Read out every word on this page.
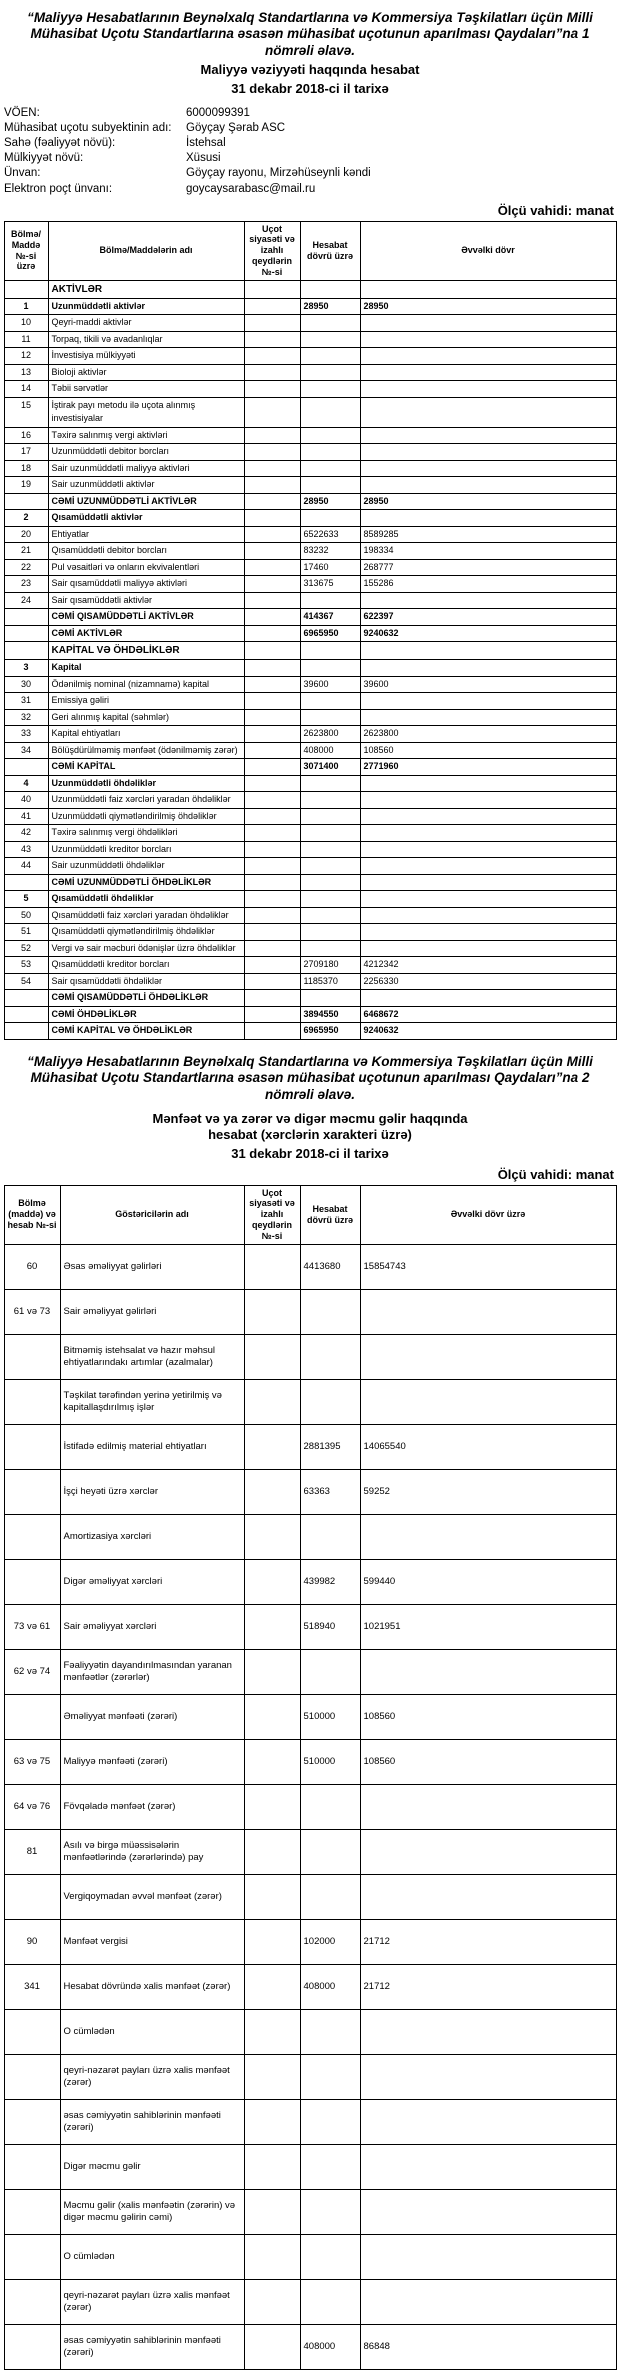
“Maliyyə Hesabatlarının Beynəlxalq Standartlarına və Kommersiya Təşkilatları üçün Milli Mühasibat Uçotu Standartlarına əsasən mühasibat uçotunun aparılması Qaydaları”na 1 nömrəli əlavə.

Maliyyə vəziyyəti haqqında hesabat

31 dekabr 2018-ci il tarixə

VÖEN:	6000099391
Mühasibat uçotu subyektinin adı:	Göyçay Şərab ASC
Sahə (fəaliyyət növü):	İstehsal
Mülkiyyət növü:	Xüsusi
Ünvan:	Göyçay rayonu, Mirzəhüseynli kəndi
Elektron poçt ünvanı:	goycaysarabasc@mail.ru

Ölçü vahidi: manat

Bölmə/ Maddə №-si üzrə	Bölmə/Maddələrin adı	Uçot siyasəti və izahlı qeydlərin №-si	Hesabat dövrü üzrə	Əvvəlki dövr
	AKTİVLƏR			
1	Uzunmüddətli aktivlər		28950	28950
10	Qeyri-maddi aktivlər			
11	Torpaq, tikili və avadanlıqlar			
12	İnvestisiya mülkiyyəti			
13	Bioloji aktivlər			
14	Təbii sərvətlər			
15	İştirak payı metodu ilə uçota alınmış investisiyalar			
16	Təxirə salınmış vergi aktivləri			
17	Uzunmüddətli debitor borcları			
18	Sair uzunmüddətli maliyyə aktivləri			
19	Sair uzunmüddətli aktivlər			
	CƏMİ UZUNMÜDDƏTLİ AKTİVLƏR		28950	28950
2	Qısamüddətli aktivlər			
20	Ehtiyatlar		6522633	8589285
21	Qısamüddətli debitor borcları		83232	198334
22	Pul vəsaitləri və onların ekvivalentləri		17460	268777
23	Sair qısamüddətli maliyyə aktivləri		313675	155286
24	Sair qısamüddətli aktivlər			
	CƏMİ QISAMÜDDƏTLİ AKTİVLƏR		414367	622397
	CƏMİ AKTİVLƏR		6965950	9240632
	KAPİTAL VƏ ÖHDƏLİKLƏR			
3	Kapital			
30	Ödənilmiş nominal (nizamnamə) kapital		39600	39600
31	Emissiya gəliri			
32	Geri alınmış kapital (səhmlər)			
33	Kapital ehtiyatları		2623800	2623800
34	Bölüşdürülməmiş mənfəət (ödənilməmiş zərər)		408000	108560
	CƏMİ KAPİTAL		3071400	2771960
4	Uzunmüddətli öhdəliklər			
40	Uzunmüddətli faiz xərcləri yaradan öhdəliklər			
41	Uzunmüddətli qiymətləndirilmiş öhdəliklər			
42	Təxirə salınmış vergi öhdəlikləri			
43	Uzunmüddətli kreditor borcları			
44	Sair uzunmüddətli öhdəliklər			
	CƏMİ UZUNMÜDDƏTLİ ÖHDƏLİKLƏR			
5	Qısamüddətli öhdəliklər			
50	Qısamüddətli faiz xərcləri yaradan öhdəliklər			
51	Qısamüddətli qiymətləndirilmiş öhdəliklər			
52	Vergi və sair məcburi ödənişlər üzrə öhdəliklər			
53	Qısamüddətli kreditor borcları		2709180	4212342
54	Sair qısamüddətli öhdəliklər		1185370	2256330
	CƏMİ QISAMÜDDƏTLİ ÖHDƏLİKLƏR			
	CƏMİ ÖHDƏLİKLƏR		3894550	6468672
	CƏMİ KAPİTAL VƏ ÖHDƏLİKLƏR		6965950	9240632

“Maliyyə Hesabatlarının Beynəlxalq Standartlarına və Kommersiya Təşkilatları üçün Milli Mühasibat Uçotu Standartlarına əsasən mühasibat uçotunun aparılması Qaydaları”na 2 nömrəli əlavə.

Mənfəət və ya zərər və digər məcmu gəlir haqqında hesabat (xərclərin xarakteri üzrə)

31 dekabr 2018-ci il tarixə

Ölçü vahidi: manat

Bölmə (maddə) və hesab №-si	Göstəricilərin adı	Uçot siyasəti və izahlı qeydlərin №-si	Hesabat dövrü üzrə	Əvvəlki dövr üzrə
60	Əsas əməliyyat gəlirləri		4413680	15854743
61 və 73	Sair əməliyyat gəlirləri			
	Bitməmiş istehsalat və hazır məhsul ehtiyatlarındakı artımlar (azalmalar)			
	Təşkilat tərəfindən yerinə yetirilmiş və kapitallaşdırılmış işlər			
	İstifadə edilmiş material ehtiyatları		2881395	14065540
	İşçi heyəti üzrə xərclər		63363	59252
	Amortizasiya xərcləri			
	Digər əməliyyat xərcləri		439982	599440
73 və 61	Sair əməliyyat xərcləri		518940	1021951
62 və 74	Fəaliyyətin dayandırılmasından yaranan mənfəətlər (zərərlər)			
	Əməliyyat mənfəəti (zərəri)		510000	108560
63 və 75	Maliyyə mənfəəti (zərəri)		510000	108560
64 və 76	Fövqəladə mənfəət (zərər)			
81	Asılı və birgə müəssisələrin mənfəətlərində (zərərlərində) pay			
	Vergiqoymadan əvvəl mənfəət (zərər)			
90	Mənfəət vergisi		102000	21712
341	Hesabat dövründə xalis mənfəət (zərər)		408000	21712
	O cümlədən			
	qeyri-nəzarət payları üzrə xalis mənfəət (zərər)			
	əsas cəmiyyətin sahiblərinin mənfəəti (zərəri)			
	Digər məcmu gəlir			
	Məcmu gəlir (xalis mənfəətin (zərərin) və digər məcmu gəlirin cəmi)			
	O cümlədən			
	qeyri-nəzarət payları üzrə xalis mənfəət (zərər)			
	əsas cəmiyyətin sahiblərinin mənfəəti (zərəri)		408000	86848
